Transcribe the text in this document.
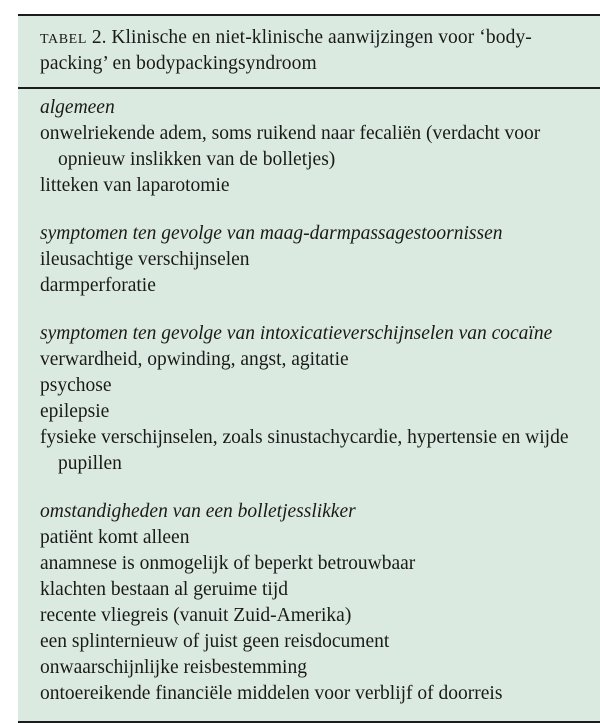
tabel 2. Klinische en niet-klinische aanwijzingen voor ‘body- packing’ en bodypackingsyndroom
algemeen
onwelriekende adem, soms ruikend naar fecaliën (verdacht voor opnieuw inslikken van de bolletjes)
litteken van laparotomie
symptomen ten gevolge van maag-darmpassagestoornissen
ileusachtige verschijnselen
darmperforatie
symptomen ten gevolge van intoxicatieverschijnselen van cocaïne
verwardheid, opwinding, angst, agitatie
psychose
epilepsie
fysieke verschijnselen, zoals sinustachycardie, hypertensie en wijde pupillen
omstandigheden van een bolletjesslikker
patiënt komt alleen
anamnese is onmogelijk of beperkt betrouwbaar
klachten bestaan al geruime tijd
recente vliegreis (vanuit Zuid-Amerika)
een splinternieuw of juist geen reisdocument
onwaarschijnlijke reisbestemming
ontoereikende financiële middelen voor verblijf of doorreis
